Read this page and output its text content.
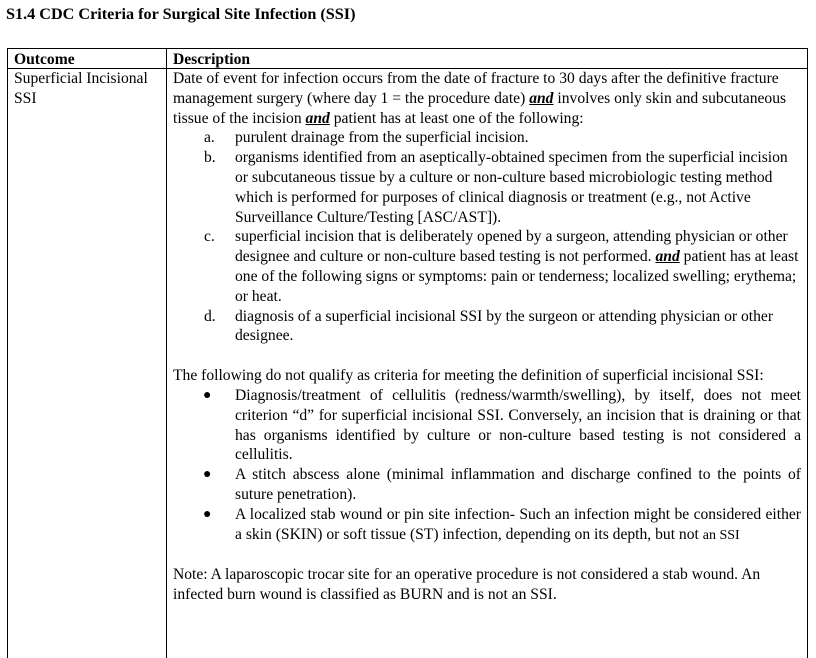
S1.4 CDC Criteria for Surgical Site Infection (SSI)
Outcome	Description
Superficial Incisional SSI

Date of event for infection occurs from the date of fracture to 30 days after the definitive fracture management surgery (where day 1 = the procedure date) and involves only skin and subcutaneous tissue of the incision and patient has at least one of the following:

a. purulent drainage from the superficial incision.
b. organisms identified from an aseptically-obtained specimen from the superficial incision or subcutaneous tissue by a culture or non-culture based microbiologic testing method which is performed for purposes of clinical diagnosis or treatment (e.g., not Active Surveillance Culture/Testing [ASC/AST]).
c. superficial incision that is deliberately opened by a surgeon, attending physician or other designee and culture or non-culture based testing is not performed. and patient has at least one of the following signs or symptoms: pain or tenderness; localized swelling; erythema; or heat.
d. diagnosis of a superficial incisional SSI by the surgeon or attending physician or other designee.

The following do not qualify as criteria for meeting the definition of superficial incisional SSI:

● Diagnosis/treatment of cellulitis (redness/warmth/swelling), by itself, does not meet criterion “d” for superficial incisional SSI. Conversely, an incision that is draining or that has organisms identified by culture or non-culture based testing is not considered a cellulitis.
● A stitch abscess alone (minimal inflammation and discharge confined to the points of suture penetration).
● A localized stab wound or pin site infection- Such an infection might be considered either a skin (SKIN) or soft tissue (ST) infection, depending on its depth, but not an SSI

Note: A laparoscopic trocar site for an operative procedure is not considered a stab wound. An infected burn wound is classified as BURN and is not an SSI.
